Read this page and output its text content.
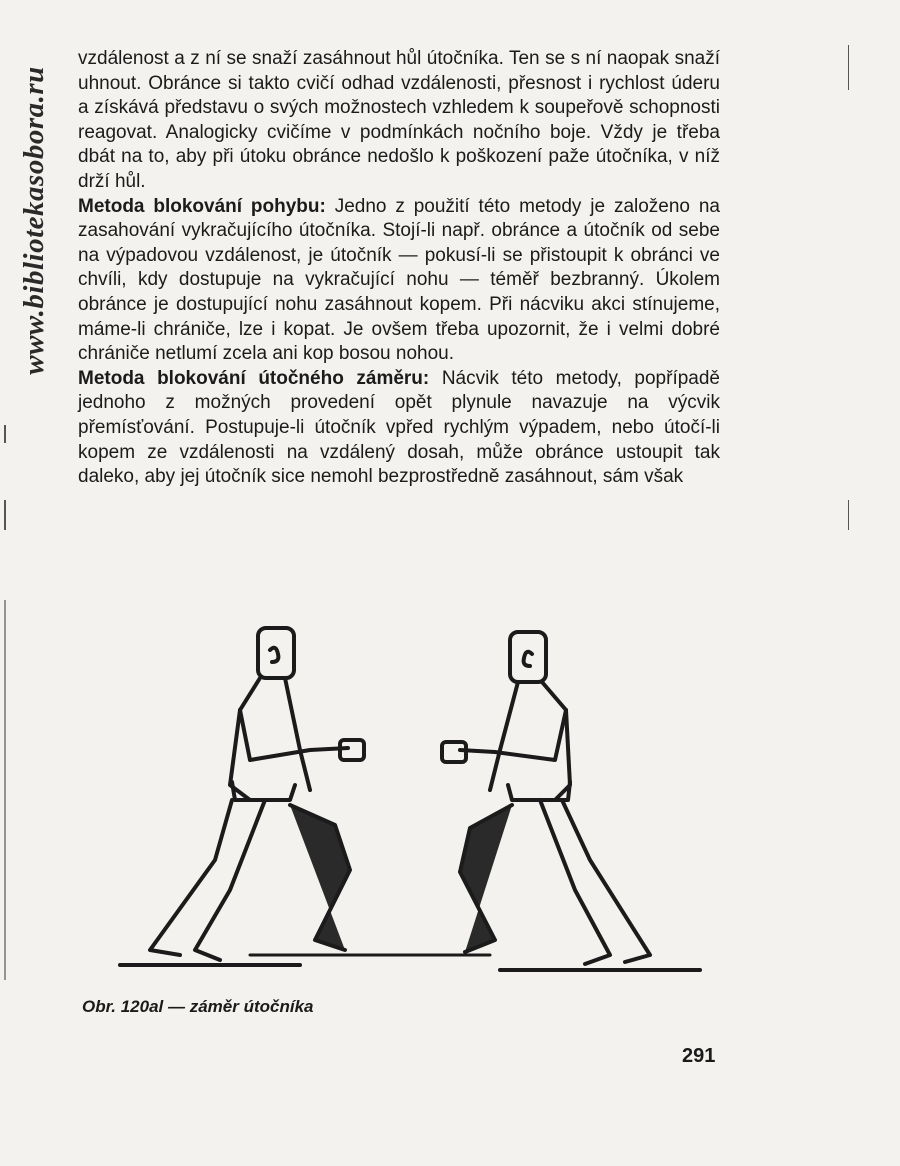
www.bibliotekasobora.ru

vzdálenost a z ní se snaží zasáhnout hůl útočníka. Ten se s ní naopak snaží uhnout. Obránce si takto cvičí odhad vzdálenosti, přesnost i rychlost úderu a získává představu o svých možnostech vzhledem k soupeřově schopnosti reagovat. Analogicky cvičíme v podmínkách nočního boje. Vždy je třeba dbát na to, aby při útoku obránce nedošlo k poškození paže útočníka, v níž drží hůl.

Metoda blokování pohybu: Jedno z použití této metody je založeno na zasahování vykračujícího útočníka. Stojí-li např. obránce a útočník od sebe na výpadovou vzdálenost, je útočník — pokusí-li se přistoupit k obránci ve chvíli, kdy dostupuje na vykračující nohu — téměř bezbranný. Úkolem obránce je dostupující nohu zasáhnout kopem. Při nácviku akci stínujeme, máme-li chrániče, lze i kopat. Je ovšem třeba upozornit, že i velmi dobré chrániče netlumí zcela ani kop bosou nohou.

Metoda blokování útočného záměru: Nácvik této metody, popřípadě jednoho z možných provedení opět plynule navazuje na výcvik přemísťování. Postupuje-li útočník vpřed rychlým výpadem, nebo útočí-li kopem ze vzdálenosti na vzdálený dosah, může obránce ustoupit tak daleko, aby jej útočník sice nemohl bezprostředně zasáhnout, sám však

Obr. 120al — záměr útočníka
291
